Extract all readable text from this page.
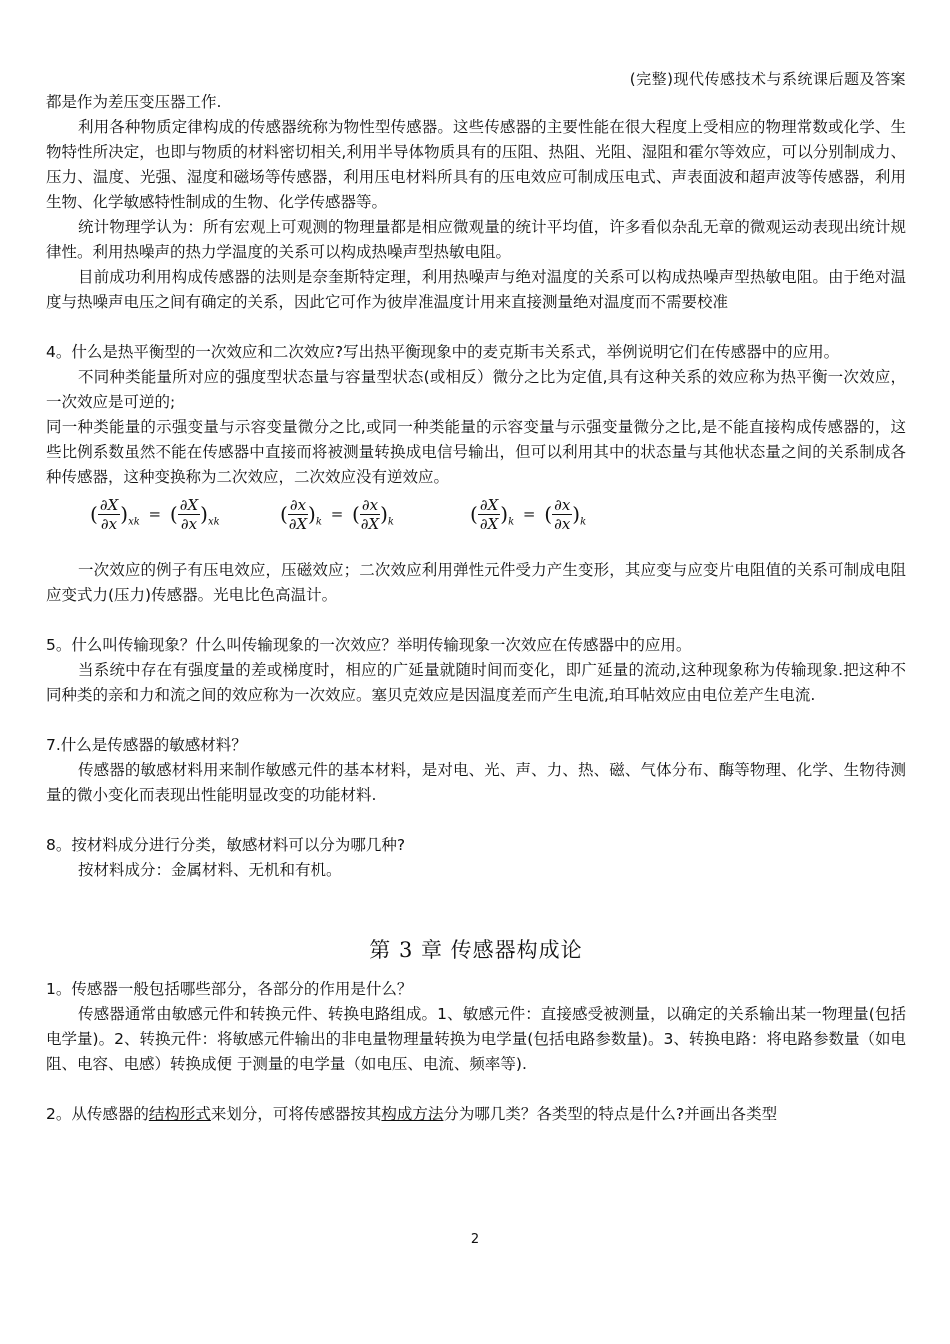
(完整)现代传感技术与系统课后题及答案

都是作为差压变压器工作.

利用各种物质定律构成的传感器统称为物性型传感器。这些传感器的主要性能在很大程度上受相应的物理常数或化学、生物特性所决定，也即与物质的材料密切相关,利用半导体物质具有的压阻、热阻、光阻、湿阻和霍尔等效应，可以分别制成力、压力、温度、光强、湿度和磁场等传感器，利用压电材料所具有的压电效应可制成压电式、声表面波和超声波等传感器，利用生物、化学敏感特性制成的生物、化学传感器等。

统计物理学认为：所有宏观上可观测的物理量都是相应微观量的统计平均值，许多看似杂乱无章的微观运动表现出统计规律性。利用热噪声的热力学温度的关系可以构成热噪声型热敏电阻。

目前成功利用构成传感器的法则是奈奎斯特定理，利用热噪声与绝对温度的关系可以构成热噪声型热敏电阻。由于绝对温度与热噪声电压之间有确定的关系，因此它可作为彼岸准温度计用来直接测量绝对温度而不需要校准

4。什么是热平衡型的一次效应和二次效应?写出热平衡现象中的麦克斯韦关系式，举例说明它们在传感器中的应用。

不同种类能量所对应的强度型状态量与容量型状态(或相反）微分之比为定值,具有这种关系的效应称为热平衡一次效应，一次效应是可逆的;

同一种类能量的示强变量与示容变量微分之比,或同一种类能量的示容变量与示强变量微分之比,是不能直接构成传感器的，这些比例系数虽然不能在传感器中直接而将被测量转换成电信号输出，但可以利用其中的状态量与其他状态量之间的关系制成各种传感器，这种变换称为二次效应，二次效应没有逆效应。

( $\frac{\partial X}{\partial x} )_{xk}$ = ( $\frac{\partial X}{\partial x} )_{xk}$	( $\frac{\partial x}{\partial X} )_k$ = ( $\frac{\partial x}{\partial X} )_k$	( $\frac{\partial X}{\partial X} )_k$ = ( $\frac{\partial x}{\partial x} )_k$

一次效应的例子有压电效应，压磁效应；二次效应利用弹性元件受力产生变形，其应变与应变片电阻值的关系可制成电阻应变式力(压力)传感器。光电比色高温计。

5。什么叫传输现象？什么叫传输现象的一次效应？举明传输现象一次效应在传感器中的应用。

当系统中存在有强度量的差或梯度时，相应的广延量就随时间而变化，即广延量的流动,这种现象称为传输现象.把这种不同种类的亲和力和流之间的效应称为一次效应。塞贝克效应是因温度差而产生电流,珀耳帖效应由电位差产生电流.

7.什么是传感器的敏感材料？

传感器的敏感材料用来制作敏感元件的基本材料，是对电、光、声、力、热、磁、气体分布、酶等物理、化学、生物待测量的微小变化而表现出性能明显改变的功能材料.

8。按材料成分进行分类，敏感材料可以分为哪几种?

按材料成分：金属材料、无机和有机。

第 3 章 传感器构成论

1。传感器一般包括哪些部分，各部分的作用是什么？

传感器通常由敏感元件和转换元件、转换电路组成。1、敏感元件：直接感受被测量，以确定的关系输出某一物理量(包括电学量)。2、转换元件：将敏感元件输出的非电量物理量转换为电学量(包括电路参数量)。3、转换电路：将电路参数量（如电阻、电容、电感）转换成便 于测量的电学量（如电压、电流、频率等).

2。从传感器的结构形式来划分，可将传感器按其构成方法分为哪几类？各类型的特点是什么?并画出各类型

2
